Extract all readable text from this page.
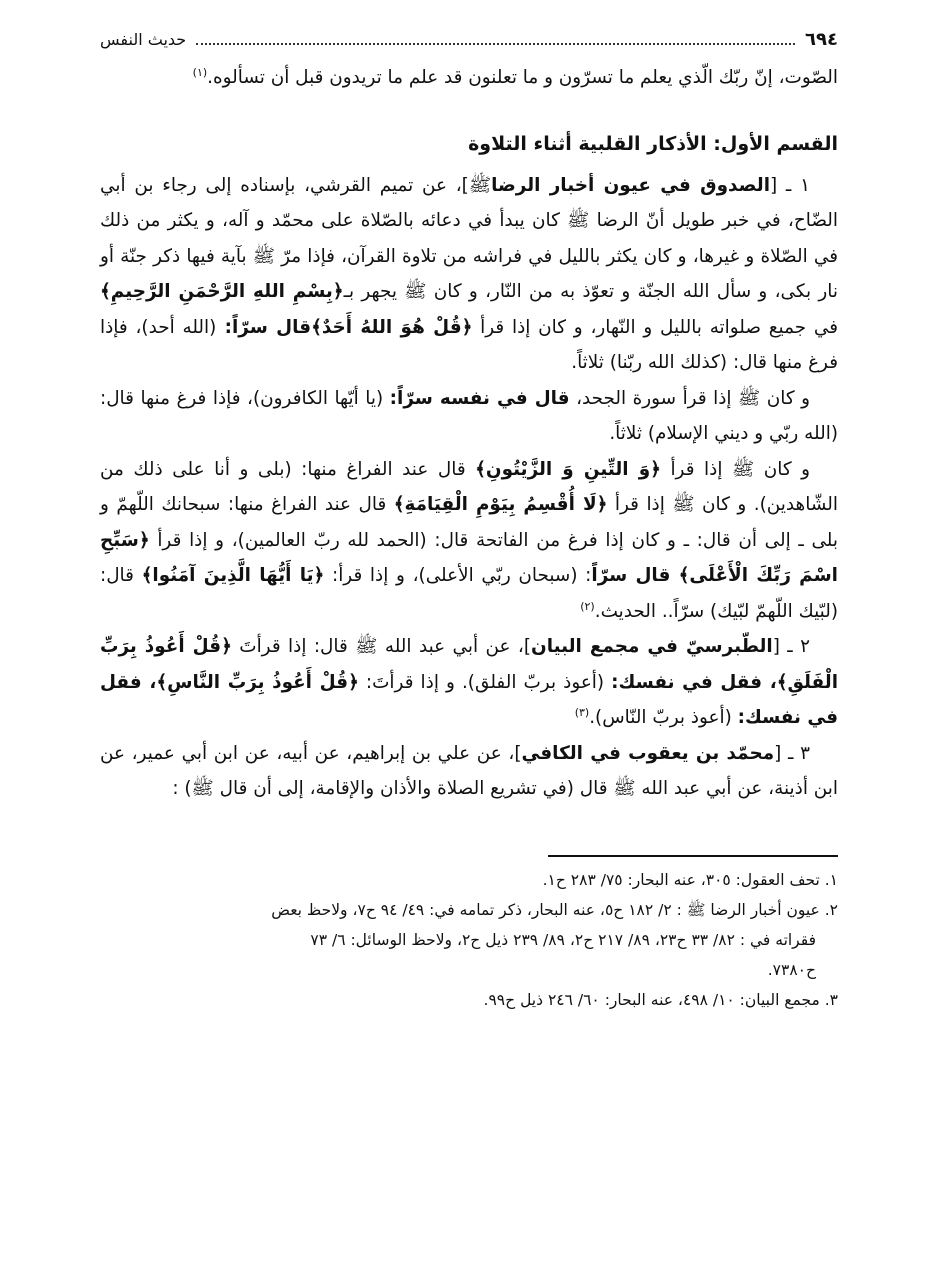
٦٩٤
حديث النفس

الصّوت، إنّ ربّك الّذي يعلم ما تسرّون و ما تعلنون قد علم ما تريدون قبل أن تسألوه.$^{(١)}$

القسم الأول: الأذكار القلبية أثناء التلاوة

١ ـ [الصدوق في عيون أخبار الرضاﷺ]، عن تميم القرشي، بإسناده إلى رجاء بن أبي الضّاح، في خبر طويل أنّ الرضا ﷺ كان يبدأ في دعائه بالصّلاة على محمّد و آله، و يكثر من ذلك في الصّلاة و غيرها، و كان يكثر بالليل في فراشه من تلاوة القرآن، فإذا مرّ ﷺ بآية فيها ذكر جنّة أو نار بكى، و سأل الله الجنّة و تعوّذ به من النّار، و كان ﷺ يجهر بـ﴿بِسْمِ اللهِ الرَّحْمَنِ الرَّحِيمِ﴾ في جميع صلواته بالليل و النّهار، و كان إذا قرأ ﴿قُلْ هُوَ اللهُ أَحَدٌ﴾قال سرّاً: (الله أحد)، فإذا فرغ منها قال: (كذلك الله ربّنا) ثلاثاً.

و كان ﷺ إذا قرأ سورة الجحد، قال في نفسه سرّاً: (يا أيّها الكافرون)، فإذا فرغ منها قال: (الله ربّي و ديني الإسلام) ثلاثاً.

و كان ﷺ إذا قرأ ﴿وَ التِّينِ وَ الزَّيْتُونِ﴾ قال عند الفراغ منها: (بلى و أنا على ذلك من الشّاهدين). و كان ﷺ إذا قرأ ﴿لَا أُقْسِمُ بِيَوْمِ الْقِيَامَةِ﴾ قال عند الفراغ منها: سبحانك اللّهمّ و بلى ـ إلى أن قال: ـ و كان إذا فرغ من الفاتحة قال: (الحمد لله ربّ العالمين)، و إذا قرأ ﴿سَبِّحِ اسْمَ رَبِّكَ الْأَعْلَى﴾ قال سرّاً: (سبحان ربّي الأعلى)، و إذا قرأ: ﴿يَا أَيُّهَا الَّذِينَ آمَنُوا﴾ قال: (لبّيك اللّهمّ لبّيك) سرّاً.. الحديث.$^{(٢)}$

٢ ـ [الطّبرسيّ في مجمع البيان]، عن أبي عبد الله ﷺ قال: إذا قرأتَ ﴿قُلْ أَعُوذُ بِرَبِّ الْفَلَقِ﴾، فقل في نفسك: (أعوذ بربّ الفلق). و إذا قرأتَ: ﴿قُلْ أَعُوذُ بِرَبِّ النَّاسِ﴾، فقل في نفسك: (أعوذ بربّ النّاس).$^{(٣)}$

٣ ـ [محمّد بن يعقوب في الكافي]، عن علي بن إبراهيم، عن أبيه، عن ابن أبي عمير، عن ابن أذينة، عن أبي عبد الله ﷺ قال (في تشريع الصلاة والأذان والإقامة، إلى أن قال ﷺ) :

١. تحف العقول: ٣٠٥، عنه البحار: ٧٥/ ٢٨٣ ح١.

٢. عيون أخبار الرضا ﷺ : ٢/ ١٨٢ ح٥، عنه البحار، ذكر تمامه في: ٤٩/ ٩٤ ح٧، ولاحظ بعض

فقراته في : ٨٢/ ٣٣ ح٢٣، ٨٩/ ٢١٧ ح٢، ٨٩/ ٢٣٩ ذيل ح٢، ولاحظ الوسائل: ٦/ ٧٣

ح٧٣٨٠.

٣. مجمع البيان: ١٠/ ٤٩٨، عنه البحار: ٦٠/ ٢٤٦ ذيل ح٩٩.
